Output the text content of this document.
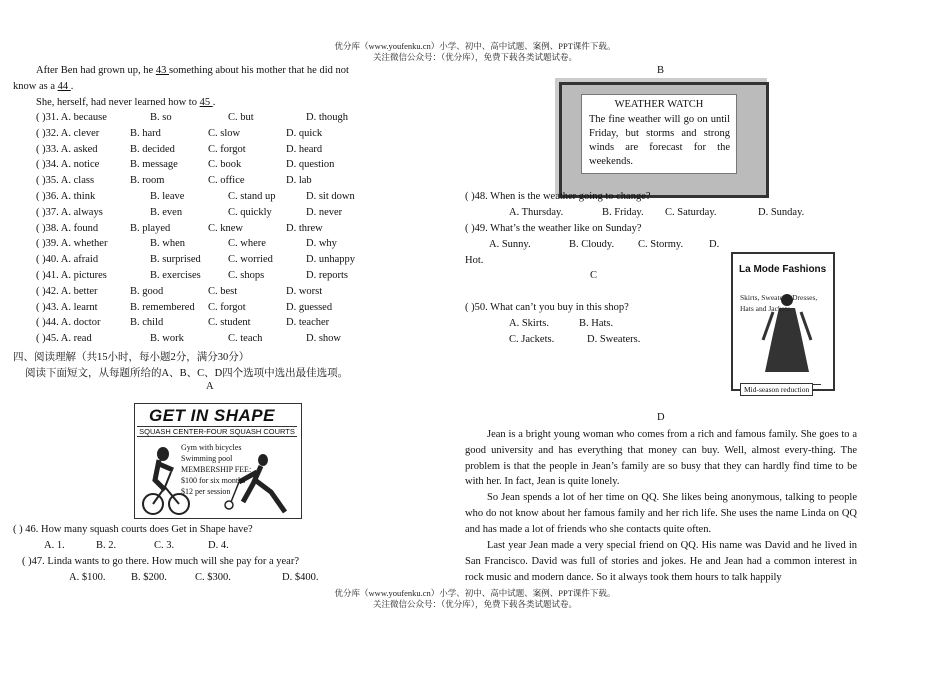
优分库（www.youfenku.cn）小学、初中、高中试题、案例、PPT课件下载。
关注微信公众号：（优分库），免费下载各类试题试卷。
After Ben had grown up, he 43 something about his mother that he did not
know as a 44 .
She, herself, had never learned how to 45 .
( )31. A. because	B. so	C. but	D. though
( )32. A. clever	B. hard	C. slow	D. quick
( )33. A. asked	B. decided	C. forgot	D. heard
( )34. A. notice	B. message	C. book	D. question
( )35. A. class	B. room	C. office	D. lab
( )36. A. think	B. leave	C. stand up	D. sit down
( )37. A. always	B. even	C. quickly	D. never
( )38. A. found	B. played	C. knew	D. threw
( )39. A. whether	B. when	C. where	D. why
( )40. A. afraid	B. surprised	C. worried	D. unhappy
( )41. A. pictures	B. exercises	C. shops	D. reports
( )42. A. better	B. good	C. best	D. worst
( )43. A. learnt	B. remembered C. forgot	D. guessed
( )44. A. doctor	B. child	C. student	D. teacher
( )45. A. read	B. work	C. teach	D. show
四、阅读理解（共15小时，每小题2分，满分30分）
阅读下面短文，从每题所给的A、B、C、D四个选项中选出最佳选项。
A
GET IN SHAPE
SQUASH CENTER-FOUR SQUASH COURTS
Gym with bicycles
Swimming pool
MEMBERSHIP FEE:
$100 for six months
$12 per session
( ) 46. How many squash courts does Get in Shape have?
A. 1.	B. 2.	C. 3.	D. 4.
( )47. Linda wants to go there. How much will she pay for a year?
A. $100. B. $200.	C. $300.	D. $400.
B
WEATHER WATCH
The fine weather will go on until Friday, but storms and strong winds are forecast for the weekends.
( )48. When is the weather going to change?
A. Thursday.	B. Friday. C. Saturday.	D. Sunday.
( )49. What’s the weather like on Sunday?
A. Sunny.	B. Cloudy. C. Stormy. D.
Hot.
C
La Mode Fashions
Skirts, Sweaters, Dresses,
Hats and Jackets
Mid-season reduction
( )50. What can’t you buy in this shop?
A. Skirts.	B. Hats.
C. Jackets.	D. Sweaters.
D
Jean is a bright young woman who comes from a rich and famous family. She goes to a good university and has everything that money can buy. Well, almost every-thing. The problem is that the people in Jean’s family are so busy that they can hardly find time to be with her. In fact, Jean is quite lonely.
So Jean spends a lot of her time on QQ. She likes being anonymous, talking to people who do not know about her famous family and her rich life. She uses the name Linda on QQ and has made a lot of friends who she contacts quite often.
Last year Jean made a very special friend on QQ. His name was David and he lived in San Francisco. David was full of stories and jokes. He and Jean had a common interest in rock music and modern dance. So it always took them hours to talk happily
优分库（www.youfenku.cn）小学、初中、高中试题、案例、PPT课件下载。
关注微信公众号：（优分库），免费下载各类试题试卷。
